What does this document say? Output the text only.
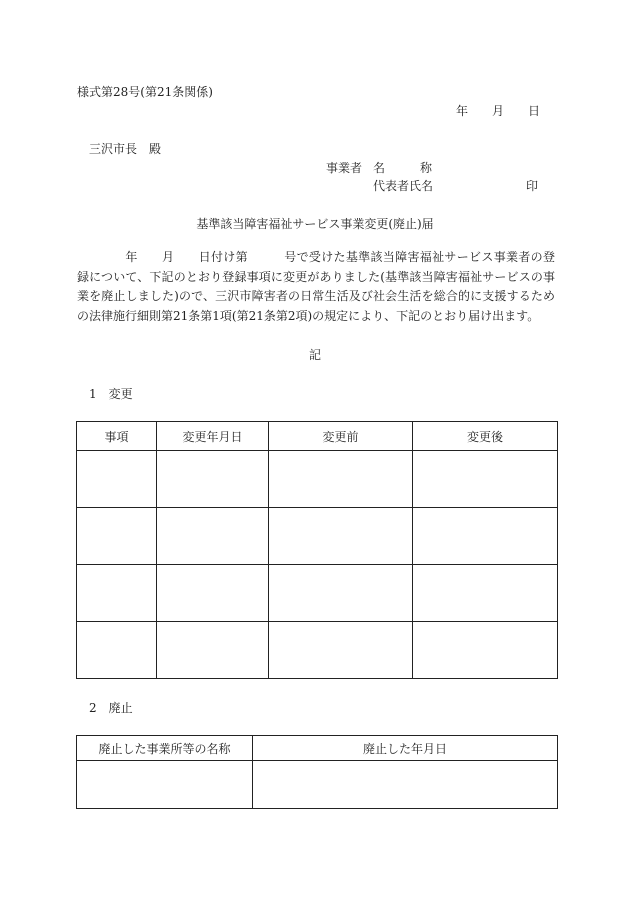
様式第28号(第21条関係)
年 月 日
三沢市長　殿
事業者 名	称
代表者氏名	印
基準該当障害福祉サービス事業変更(廃止)届
年 月 日付け第	号で受けた基準該当障害福祉サービス事業者の登録について、下記のとおり登録事項に変更がありました(基準該当障害福祉サービスの事業を廃止しました)ので、三沢市障害者の日常生活及び社会生活を総合的に支援するための法律施行細則第21条第1項(第21条第2項)の規定により、下記のとおり届け出ます。
記
1　変更
事項	変更年月日	変更前	変更後

2　廃止
廃止した事業所等の名称	廃止した年月日
